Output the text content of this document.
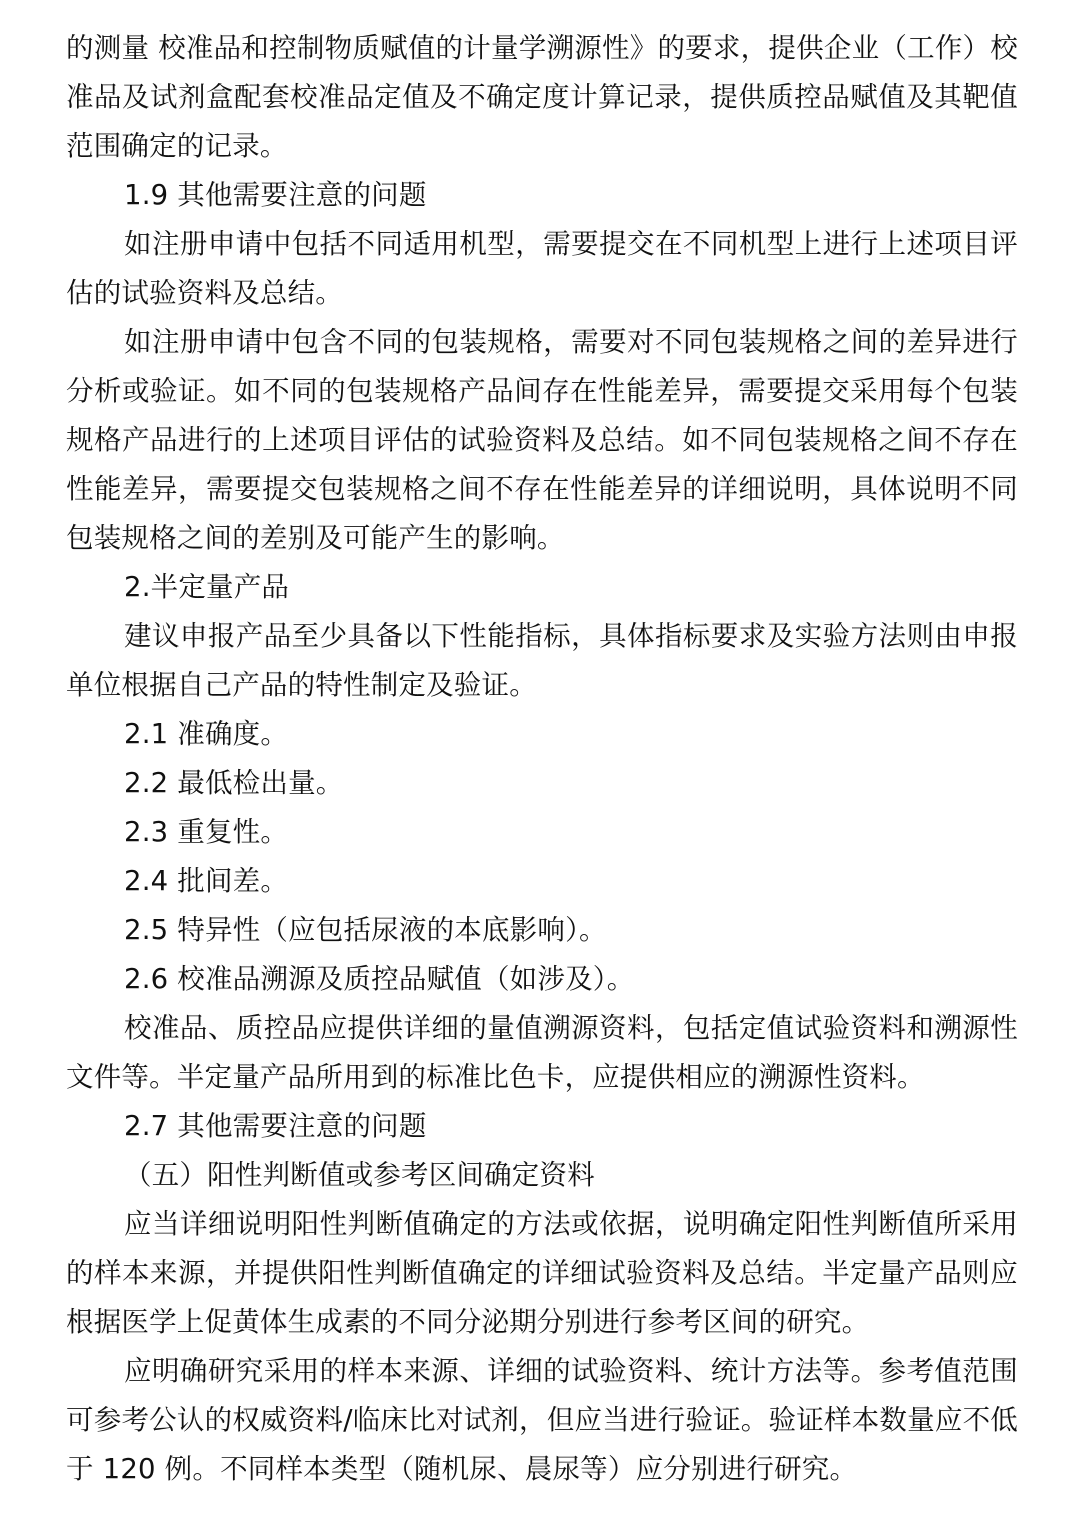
的测量 校准品和控制物质赋值的计量学溯源性》的要求，提供企业（工作）校准品及试剂盒配套校准品定值及不确定度计算记录，提供质控品赋值及其靶值范围确定的记录。

1.9 其他需要注意的问题

如注册申请中包括不同适用机型，需要提交在不同机型上进行上述项目评估的试验资料及总结。

如注册申请中包含不同的包装规格，需要对不同包装规格之间的差异进行分析或验证。如不同的包装规格产品间存在性能差异，需要提交采用每个包装规格产品进行的上述项目评估的试验资料及总结。如不同包装规格之间不存在性能差异，需要提交包装规格之间不存在性能差异的详细说明，具体说明不同包装规格之间的差别及可能产生的影响。

2.半定量产品

建议申报产品至少具备以下性能指标，具体指标要求及实验方法则由申报单位根据自己产品的特性制定及验证。

2.1 准确度。

2.2 最低检出量。

2.3 重复性。

2.4 批间差。

2.5 特异性（应包括尿液的本底影响）。

2.6 校准品溯源及质控品赋值（如涉及）。

校准品、质控品应提供详细的量值溯源资料，包括定值试验资料和溯源性文件等。半定量产品所用到的标准比色卡，应提供相应的溯源性资料。

2.7 其他需要注意的问题

（五）阳性判断值或参考区间确定资料

应当详细说明阳性判断值确定的方法或依据，说明确定阳性判断值所采用的样本来源，并提供阳性判断值确定的详细试验资料及总结。半定量产品则应根据医学上促黄体生成素的不同分泌期分别进行参考区间的研究。

应明确研究采用的样本来源、详细的试验资料、统计方法等。参考值范围可参考公认的权威资料/临床比对试剂，但应当进行验证。验证样本数量应不低于 120 例。不同样本类型（随机尿、晨尿等）应分别进行研究。
